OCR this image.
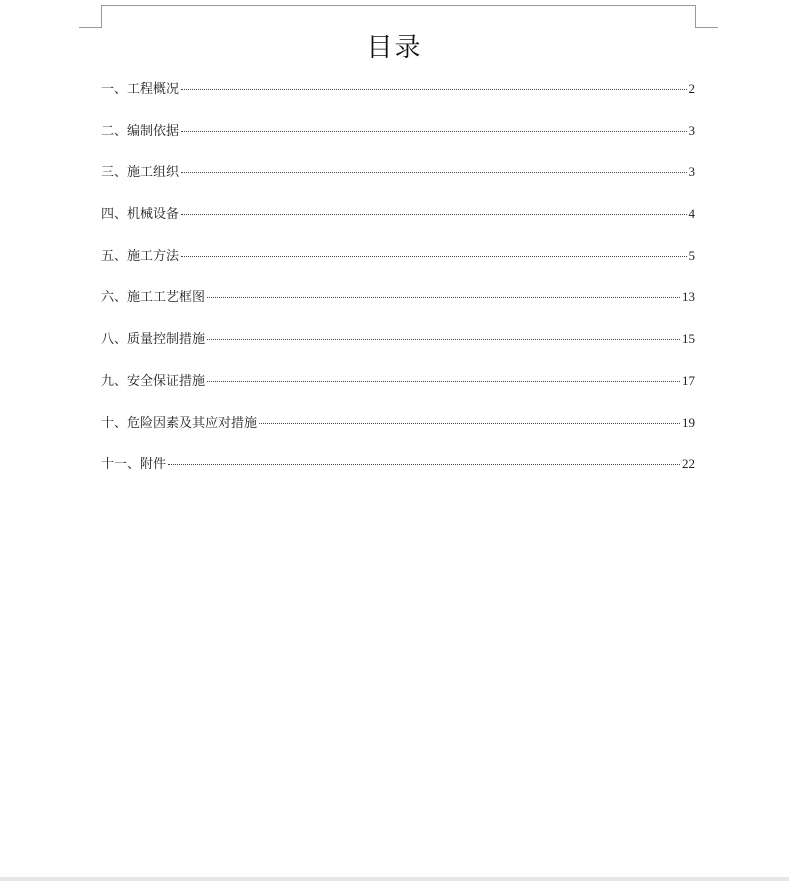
目录
一、工程概况	2
二、编制依据	3
三、施工组织	3
四、机械设备	4
五、施工方法	5
六、施工工艺框图	13
八、质量控制措施	15
九、安全保证措施	17
十、危险因素及其应对措施	19
十一、附件	22
